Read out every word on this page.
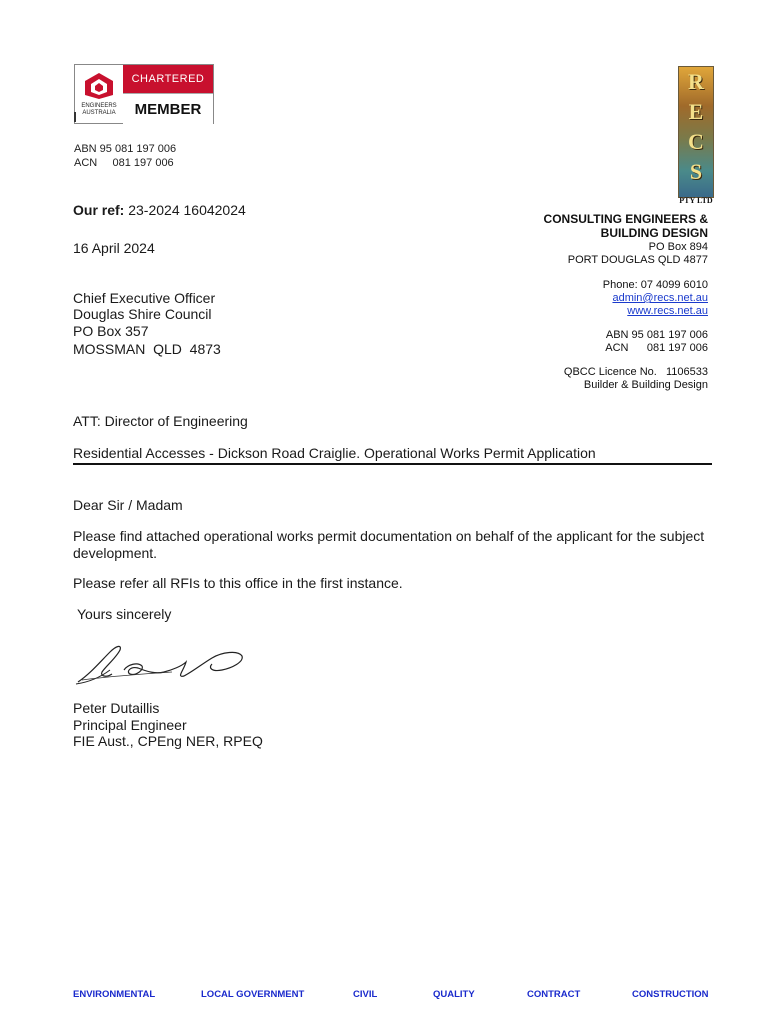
ENGINEERS AUSTRALIA
CHARTERED
MEMBER
ABN 95 081 197 006
ACN     081 197 006
R
E
C
S
PTY LTD
Our ref: 23-2024 16042024
16 April 2024
CONSULTING ENGINEERS &
BUILDING DESIGN
PO Box 894
PORT DOUGLAS QLD 4877
Phone: 07 4099 6010
admin@recs.net.au
www.recs.net.au
ABN 95 081 197 006
ACN      081 197 006
QBCC Licence No.   1106533
Builder & Building Design
Chief Executive Officer
Douglas Shire Council
PO Box 357
MOSSMAN  QLD  4873
ATT: Director of Engineering
Residential Accesses - Dickson Road Craiglie. Operational Works Permit Application
Dear Sir / Madam
Please find attached operational works permit documentation on behalf of the applicant for the subject development.
Please refer all RFIs to this office in the first instance.
Yours sincerely
Peter Dutaillis
Principal Engineer
FIE Aust., CPEng NER, RPEQ
ENVIRONMENTAL	LOCAL GOVERNMENT	CIVIL	QUALITY	CONTRACT	CONSTRUCTION
